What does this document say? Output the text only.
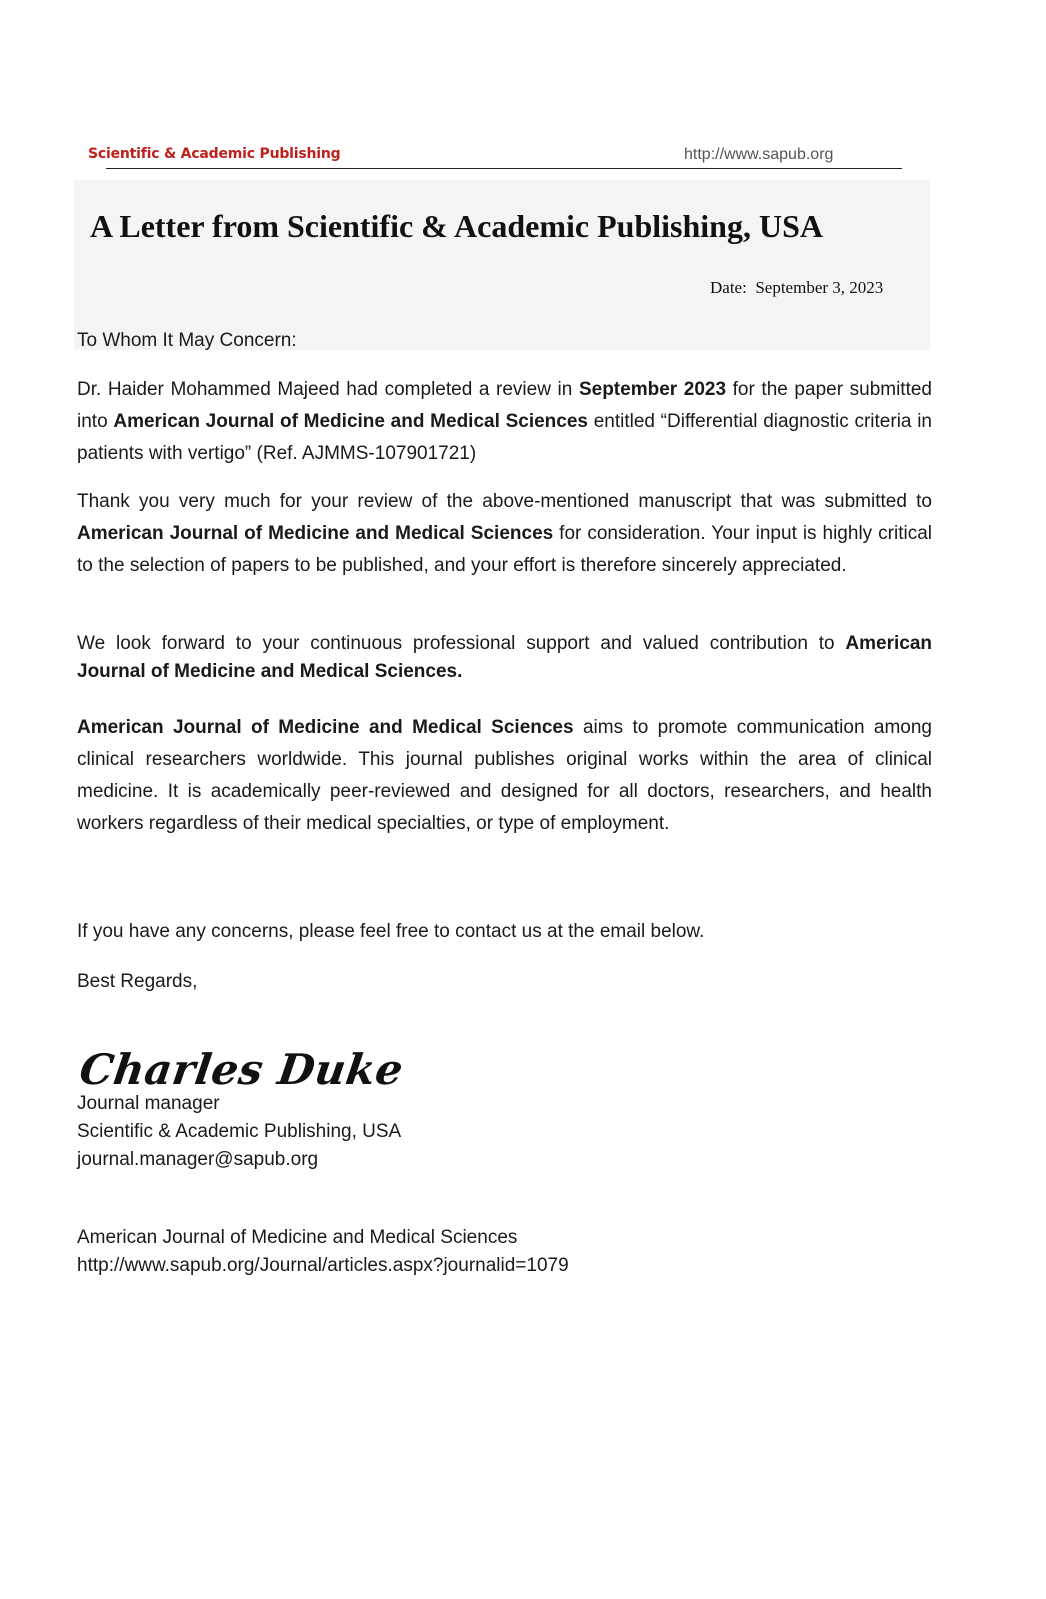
Scientific & Academic Publishing	http://www.sapub.org
A Letter from Scientific & Academic Publishing, USA
Date: September 3, 2023
To Whom It May Concern:
Dr. Haider Mohammed Majeed had completed a review in September 2023 for the paper submitted into American Journal of Medicine and Medical Sciences entitled “Differential diagnostic criteria in patients with vertigo” (Ref. AJMMS-107901721)
Thank you very much for your review of the above-mentioned manuscript that was submitted to American Journal of Medicine and Medical Sciences for consideration. Your input is highly critical to the selection of papers to be published, and your effort is therefore sincerely appreciated.
We look forward to your continuous professional support and valued contribution to American Journal of Medicine and Medical Sciences.
American Journal of Medicine and Medical Sciences aims to promote communication among clinical researchers worldwide. This journal publishes original works within the area of clinical medicine. It is academically peer-reviewed and designed for all doctors, researchers, and health workers regardless of their medical specialties, or type of employment.
If you have any concerns, please feel free to contact us at the email below.
Best Regards,
Charles Duke
Journal manager
Scientific & Academic Publishing, USA
journal.manager@sapub.org
American Journal of Medicine and Medical Sciences
http://www.sapub.org/Journal/articles.aspx?journalid=1079
